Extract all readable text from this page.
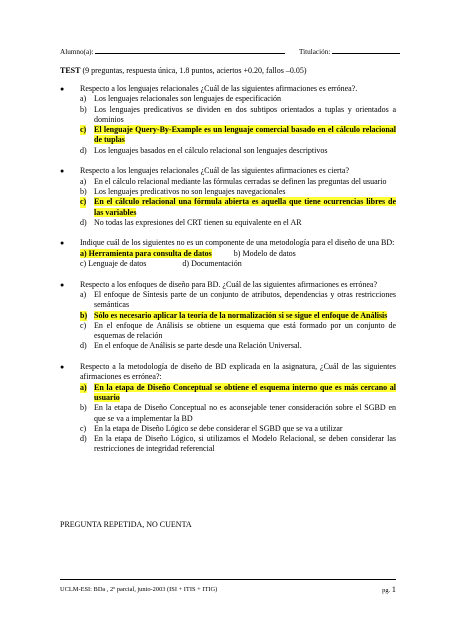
Alumno(a):	Titulación:
TEST (9 preguntas, respuesta única, 1.8 puntos, aciertos +0.20, fallos –0.05)
● Respecto a los lenguajes relacionales ¿Cuál de las siguientes afirmaciones es errónea?.
a) Los lenguajes relacionales son lenguajes de especificación
b) Los lenguajes predicativos se dividen en dos subtipos orientados a tuplas y orientados a dominios
c) El lenguaje Query-By-Example es un lenguaje comercial basado en el cálculo relacional de tuplas
d) Los lenguajes basados en el cálculo relacional son lenguajes descriptivos
● Respecto a los lenguajes relacionales ¿Cuál de las siguientes afirmaciones es cierta?
a) En el cálculo relacional mediante las fórmulas cerradas se definen las preguntas del usuario
b) Los lenguajes predicativos no son lenguajes navegacionales
c) En el cálculo relacional una fórmula abierta es aquella que tiene ocurrencias libres de las variables
d) No todas las expresiones del CRT tienen su equivalente en el AR
● Indique cuál de los siguientes no es un componente de una metodología para el diseño de una BD:
a) Herramienta para consulta de datos	b) Modelo de datos
c) Lenguaje de datos	d) Documentación
● Respecto a los enfoques de diseño para BD. ¿Cuál de las siguientes afirmaciones es errónea?
a) El enfoque de Síntesis parte de un conjunto de atributos, dependencias y otras restricciones semánticas
b) Sólo es necesario aplicar la teoría de la normalización si se sigue el enfoque de Análisis
c) En el enfoque de Análisis se obtiene un esquema que está formado por un conjunto de esquemas de relación
d) En el enfoque de Análisis se parte desde una Relación Universal.
● Respecto a la metodología de diseño de BD explicada en la asignatura, ¿Cuál de las siguientes afirmaciones es errónea?:
a) En la etapa de Diseño Conceptual se obtiene el esquema interno que es más cercano al usuario
b) En la etapa de Diseño Conceptual no es aconsejable tener consideración sobre el SGBD en que se va a implementar la BD
c) En la etapa de Diseño Lógico se debe considerar el SGBD que se va a utilizar
d) En la etapa de Diseño Lógico, si utilizamos el Modelo Relacional, se deben considerar las restricciones de integridad referencial
PREGUNTA REPETIDA, NO CUENTA
UCLM-ESI: BDa , 2º parcial, junio-2003 (ISI + ITIS + ITIG)	pg. 1
